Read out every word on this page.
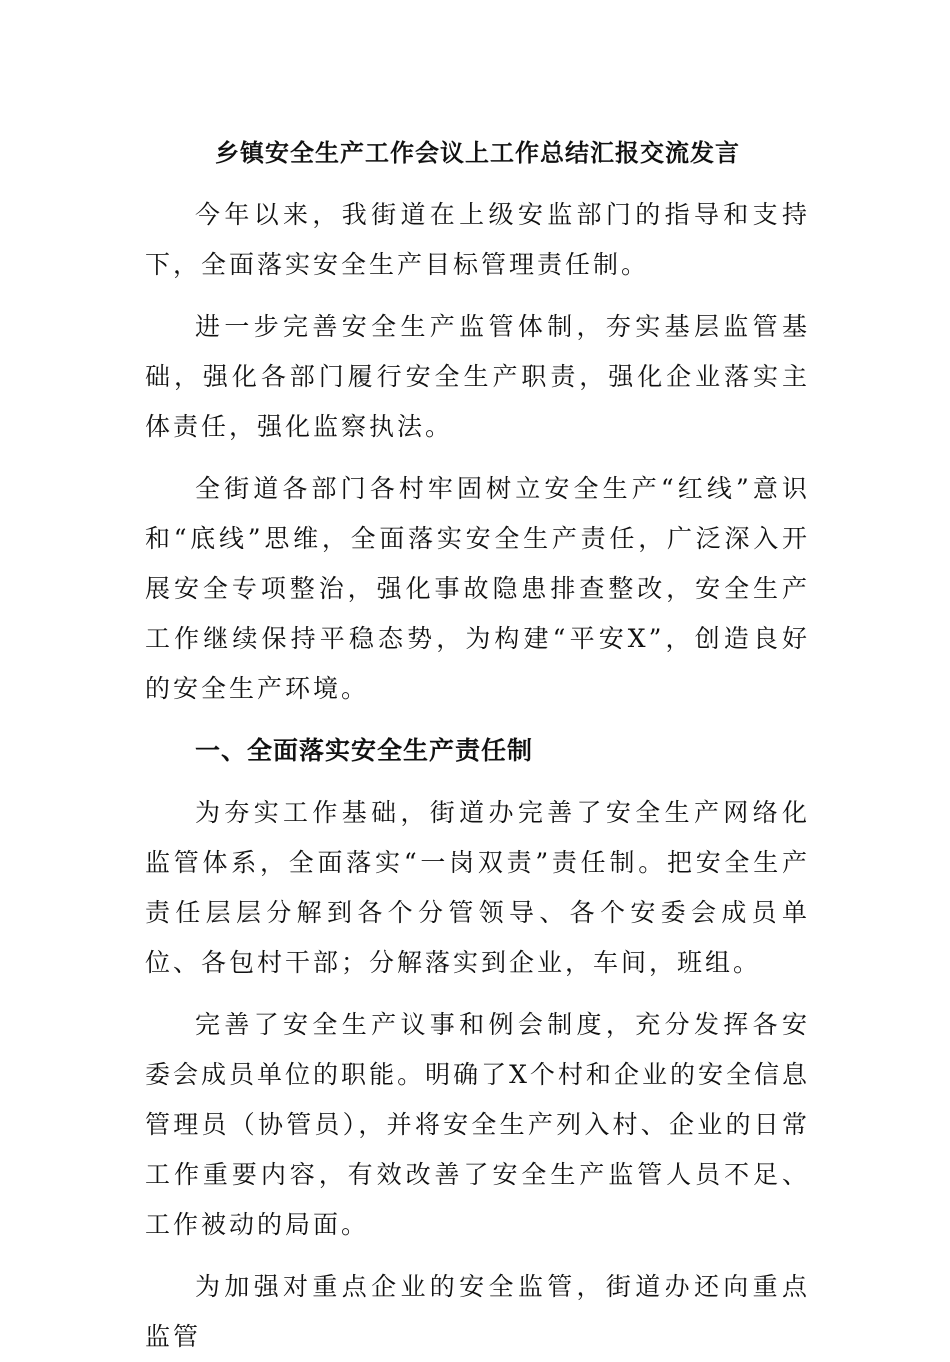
乡镇安全生产工作会议上工作总结汇报交流发言

今年以来，我街道在上级安监部门的指导和支持下，全面落实安全生产目标管理责任制。

进一步完善安全生产监管体制，夯实基层监管基础，强化各部门履行安全生产职责，强化企业落实主体责任，强化监察执法。

全街道各部门各村牢固树立安全生产“红线”意识和“底线”思维，全面落实安全生产责任，广泛深入开展安全专项整治，强化事故隐患排查整改，安全生产工作继续保持平稳态势，为构建“平安X”，创造良好的安全生产环境。

一、全面落实安全生产责任制

为夯实工作基础，街道办完善了安全生产网络化监管体系，全面落实“一岗双责”责任制。把安全生产责任层层分解到各个分管领导、各个安委会成员单位、各包村干部；分解落实到企业，车间，班组。

完善了安全生产议事和例会制度，充分发挥各安委会成员单位的职能。明确了X个村和企业的安全信息管理员（协管员），并将安全生产列入村、企业的日常工作重要内容，有效改善了安全生产监管人员不足、工作被动的局面。

为加强对重点企业的安全监管，街道办还向重点监管
